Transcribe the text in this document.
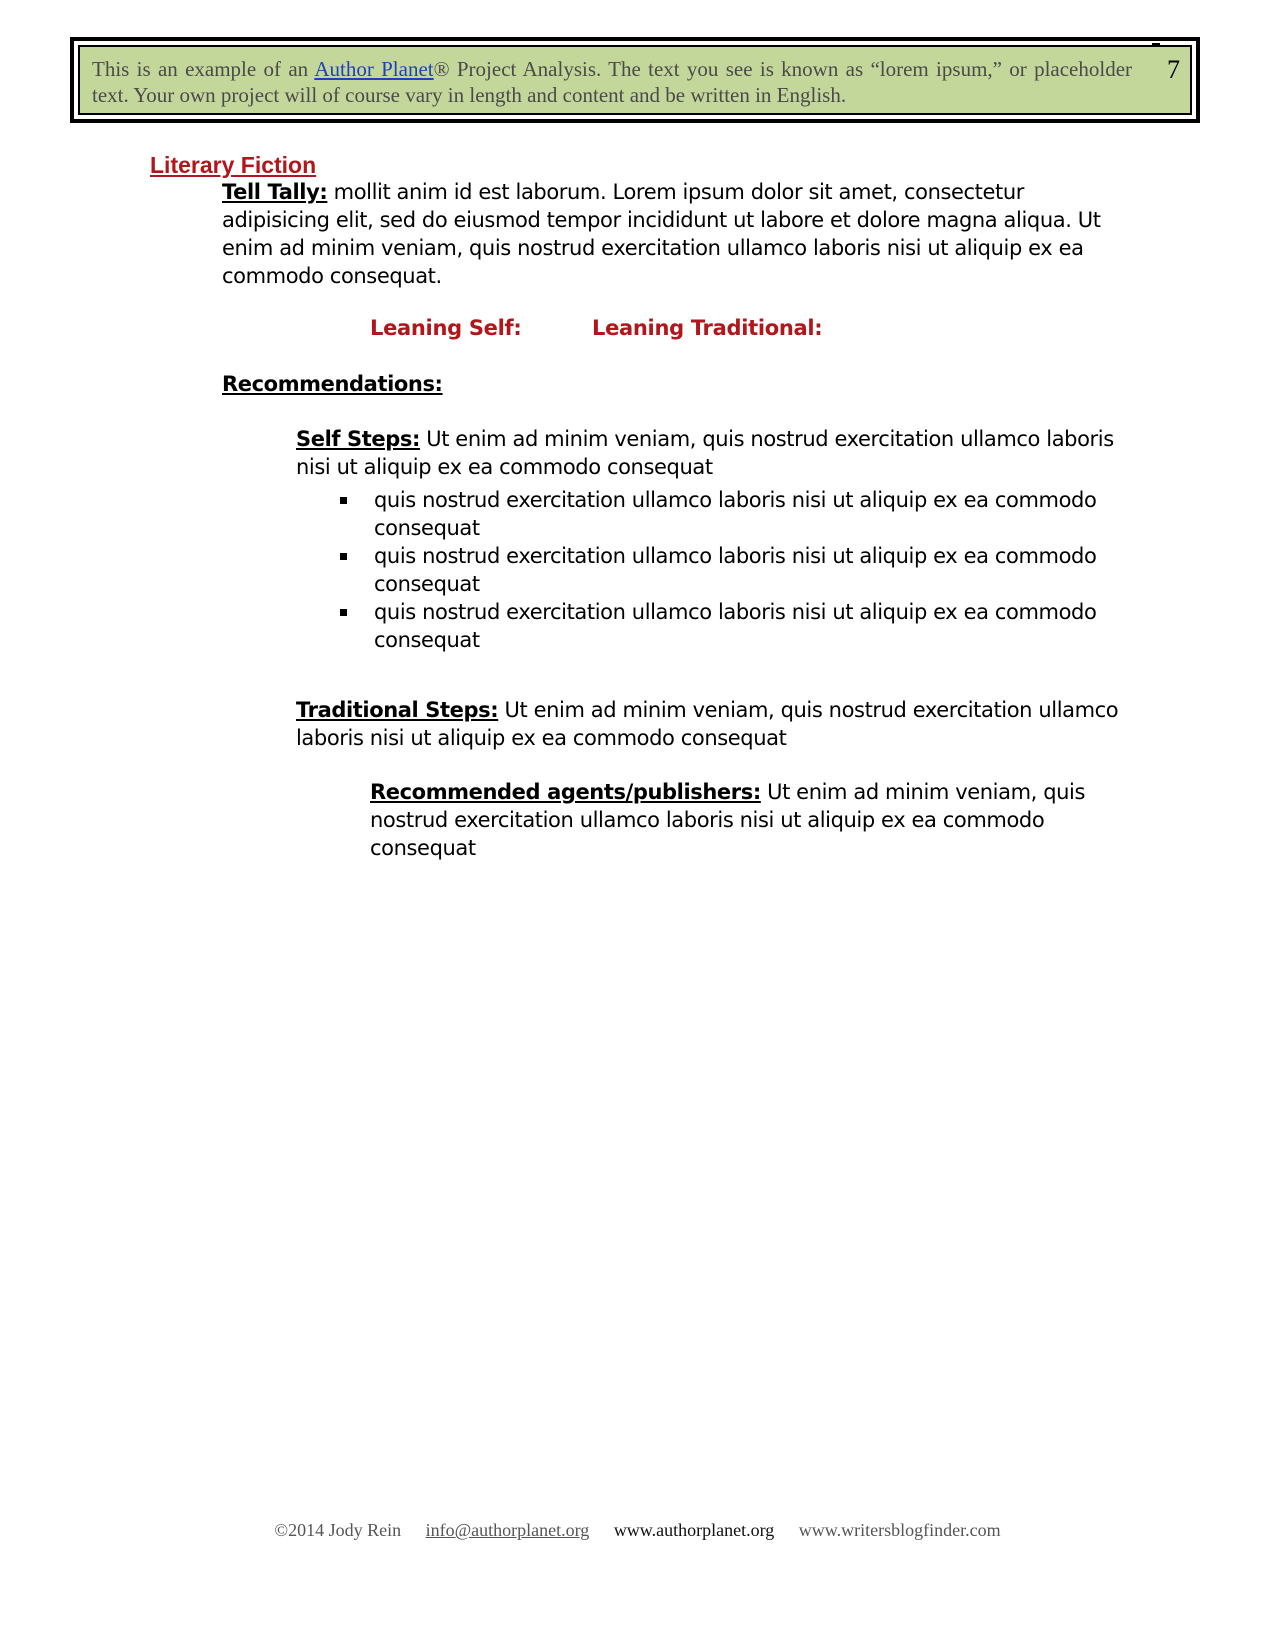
This is an example of an Author Planet® Project Analysis. The text you see is known as “lorem ipsum,” or placeholder text. Your own project will of course vary in length and content and be written in English.

7
Literary Fiction

Tell Tally: mollit anim id est laborum. Lorem ipsum dolor sit amet, consectetur adipisicing elit, sed do eiusmod tempor incididunt ut labore et dolore magna aliqua. Ut enim ad minim veniam, quis nostrud exercitation ullamco laboris nisi ut aliquip ex ea commodo consequat.

Leaning Self:	Leaning Traditional:

Recommendations:

Self Steps: Ut enim ad minim veniam, quis nostrud exercitation ullamco laboris nisi ut aliquip ex ea commodo consequat

quis nostrud exercitation ullamco laboris nisi ut aliquip ex ea commodo consequat
quis nostrud exercitation ullamco laboris nisi ut aliquip ex ea commodo consequat
quis nostrud exercitation ullamco laboris nisi ut aliquip ex ea commodo consequat

Traditional Steps: Ut enim ad minim veniam, quis nostrud exercitation ullamco laboris nisi ut aliquip ex ea commodo consequat

Recommended agents/publishers: Ut enim ad minim veniam, quis nostrud exercitation ullamco laboris nisi ut aliquip ex ea commodo consequat

©2014 Jody Rein info@authorplanet.org www.authorplanet.org www.writersblogfinder.com
